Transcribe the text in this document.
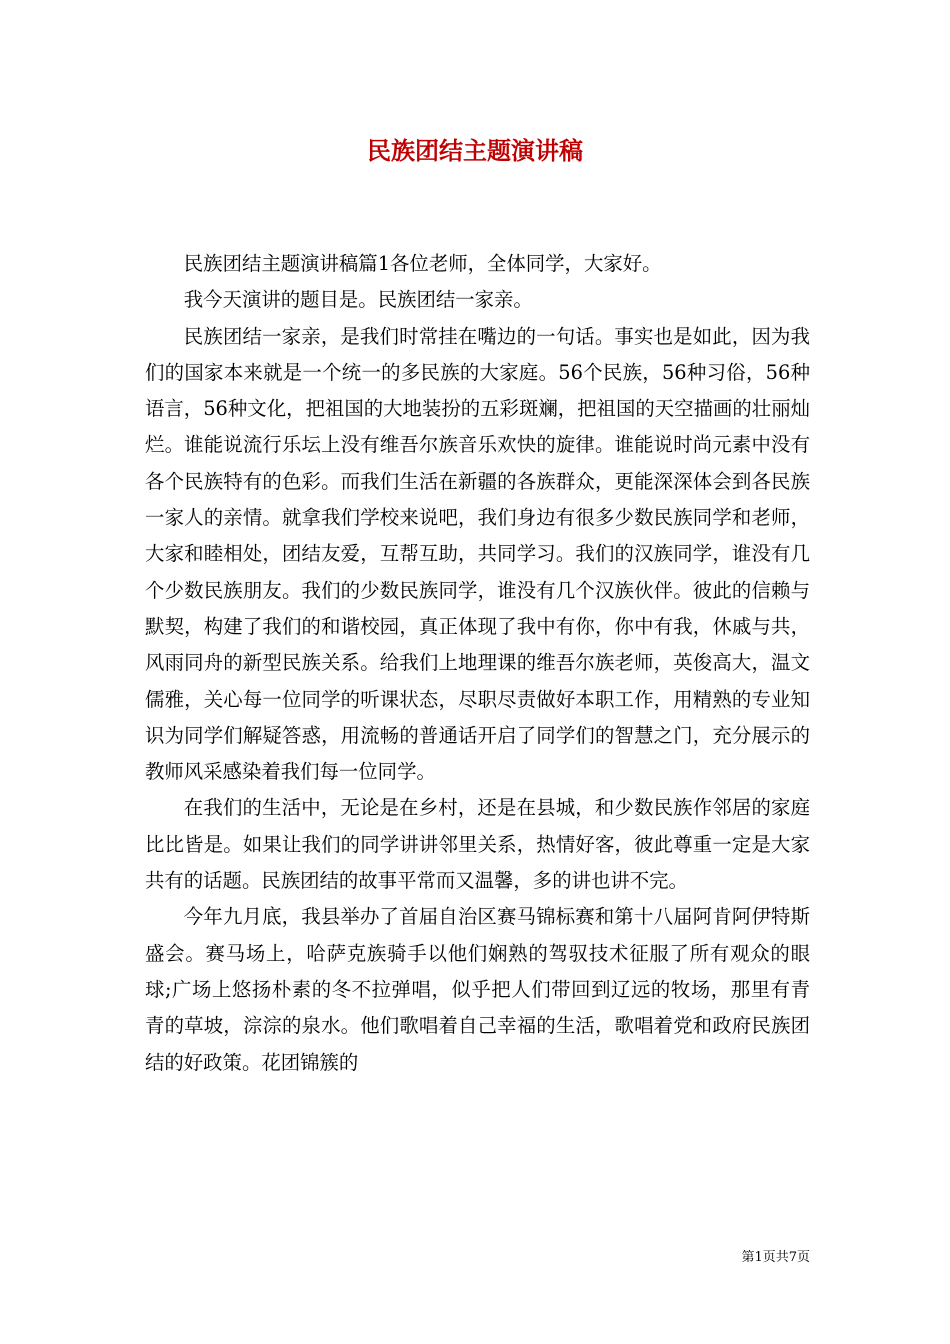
民族团结主题演讲稿

民族团结主题演讲稿篇1各位老师，全体同学，大家好。

我今天演讲的题目是。民族团结一家亲。

民族团结一家亲，是我们时常挂在嘴边的一句话。事实也是如此，因为我们的国家本来就是一个统一的多民族的大家庭。56个民族，56种习俗，56种语言，56种文化，把祖国的大地装扮的五彩斑斓，把祖国的天空描画的壮丽灿烂。谁能说流行乐坛上没有维吾尔族音乐欢快的旋律。谁能说时尚元素中没有各个民族特有的色彩。而我们生活在新疆的各族群众，更能深深体会到各民族一家人的亲情。就拿我们学校来说吧，我们身边有很多少数民族同学和老师，大家和睦相处，团结友爱，互帮互助，共同学习。我们的汉族同学，谁没有几个少数民族朋友。我们的少数民族同学，谁没有几个汉族伙伴。彼此的信赖与默契，构建了我们的和谐校园，真正体现了我中有你，你中有我，休戚与共，风雨同舟的新型民族关系。给我们上地理课的维吾尔族老师，英俊高大，温文儒雅，关心每一位同学的听课状态，尽职尽责做好本职工作，用精熟的专业知识为同学们解疑答惑，用流畅的普通话开启了同学们的智慧之门，充分展示的教师风采感染着我们每一位同学。

在我们的生活中，无论是在乡村，还是在县城，和少数民族作邻居的家庭比比皆是。如果让我们的同学讲讲邻里关系，热情好客，彼此尊重一定是大家共有的话题。民族团结的故事平常而又温馨，多的讲也讲不完。

今年九月底，我县举办了首届自治区赛马锦标赛和第十八届阿肯阿伊特斯盛会。赛马场上，哈萨克族骑手以他们娴熟的驾驭技术征服了所有观众的眼球;广场上悠扬朴素的冬不拉弹唱，似乎把人们带回到辽远的牧场，那里有青青的草坡，淙淙的泉水。他们歌唱着自己幸福的生活，歌唱着党和政府民族团结的好政策。花团锦簇的

第1页共7页
